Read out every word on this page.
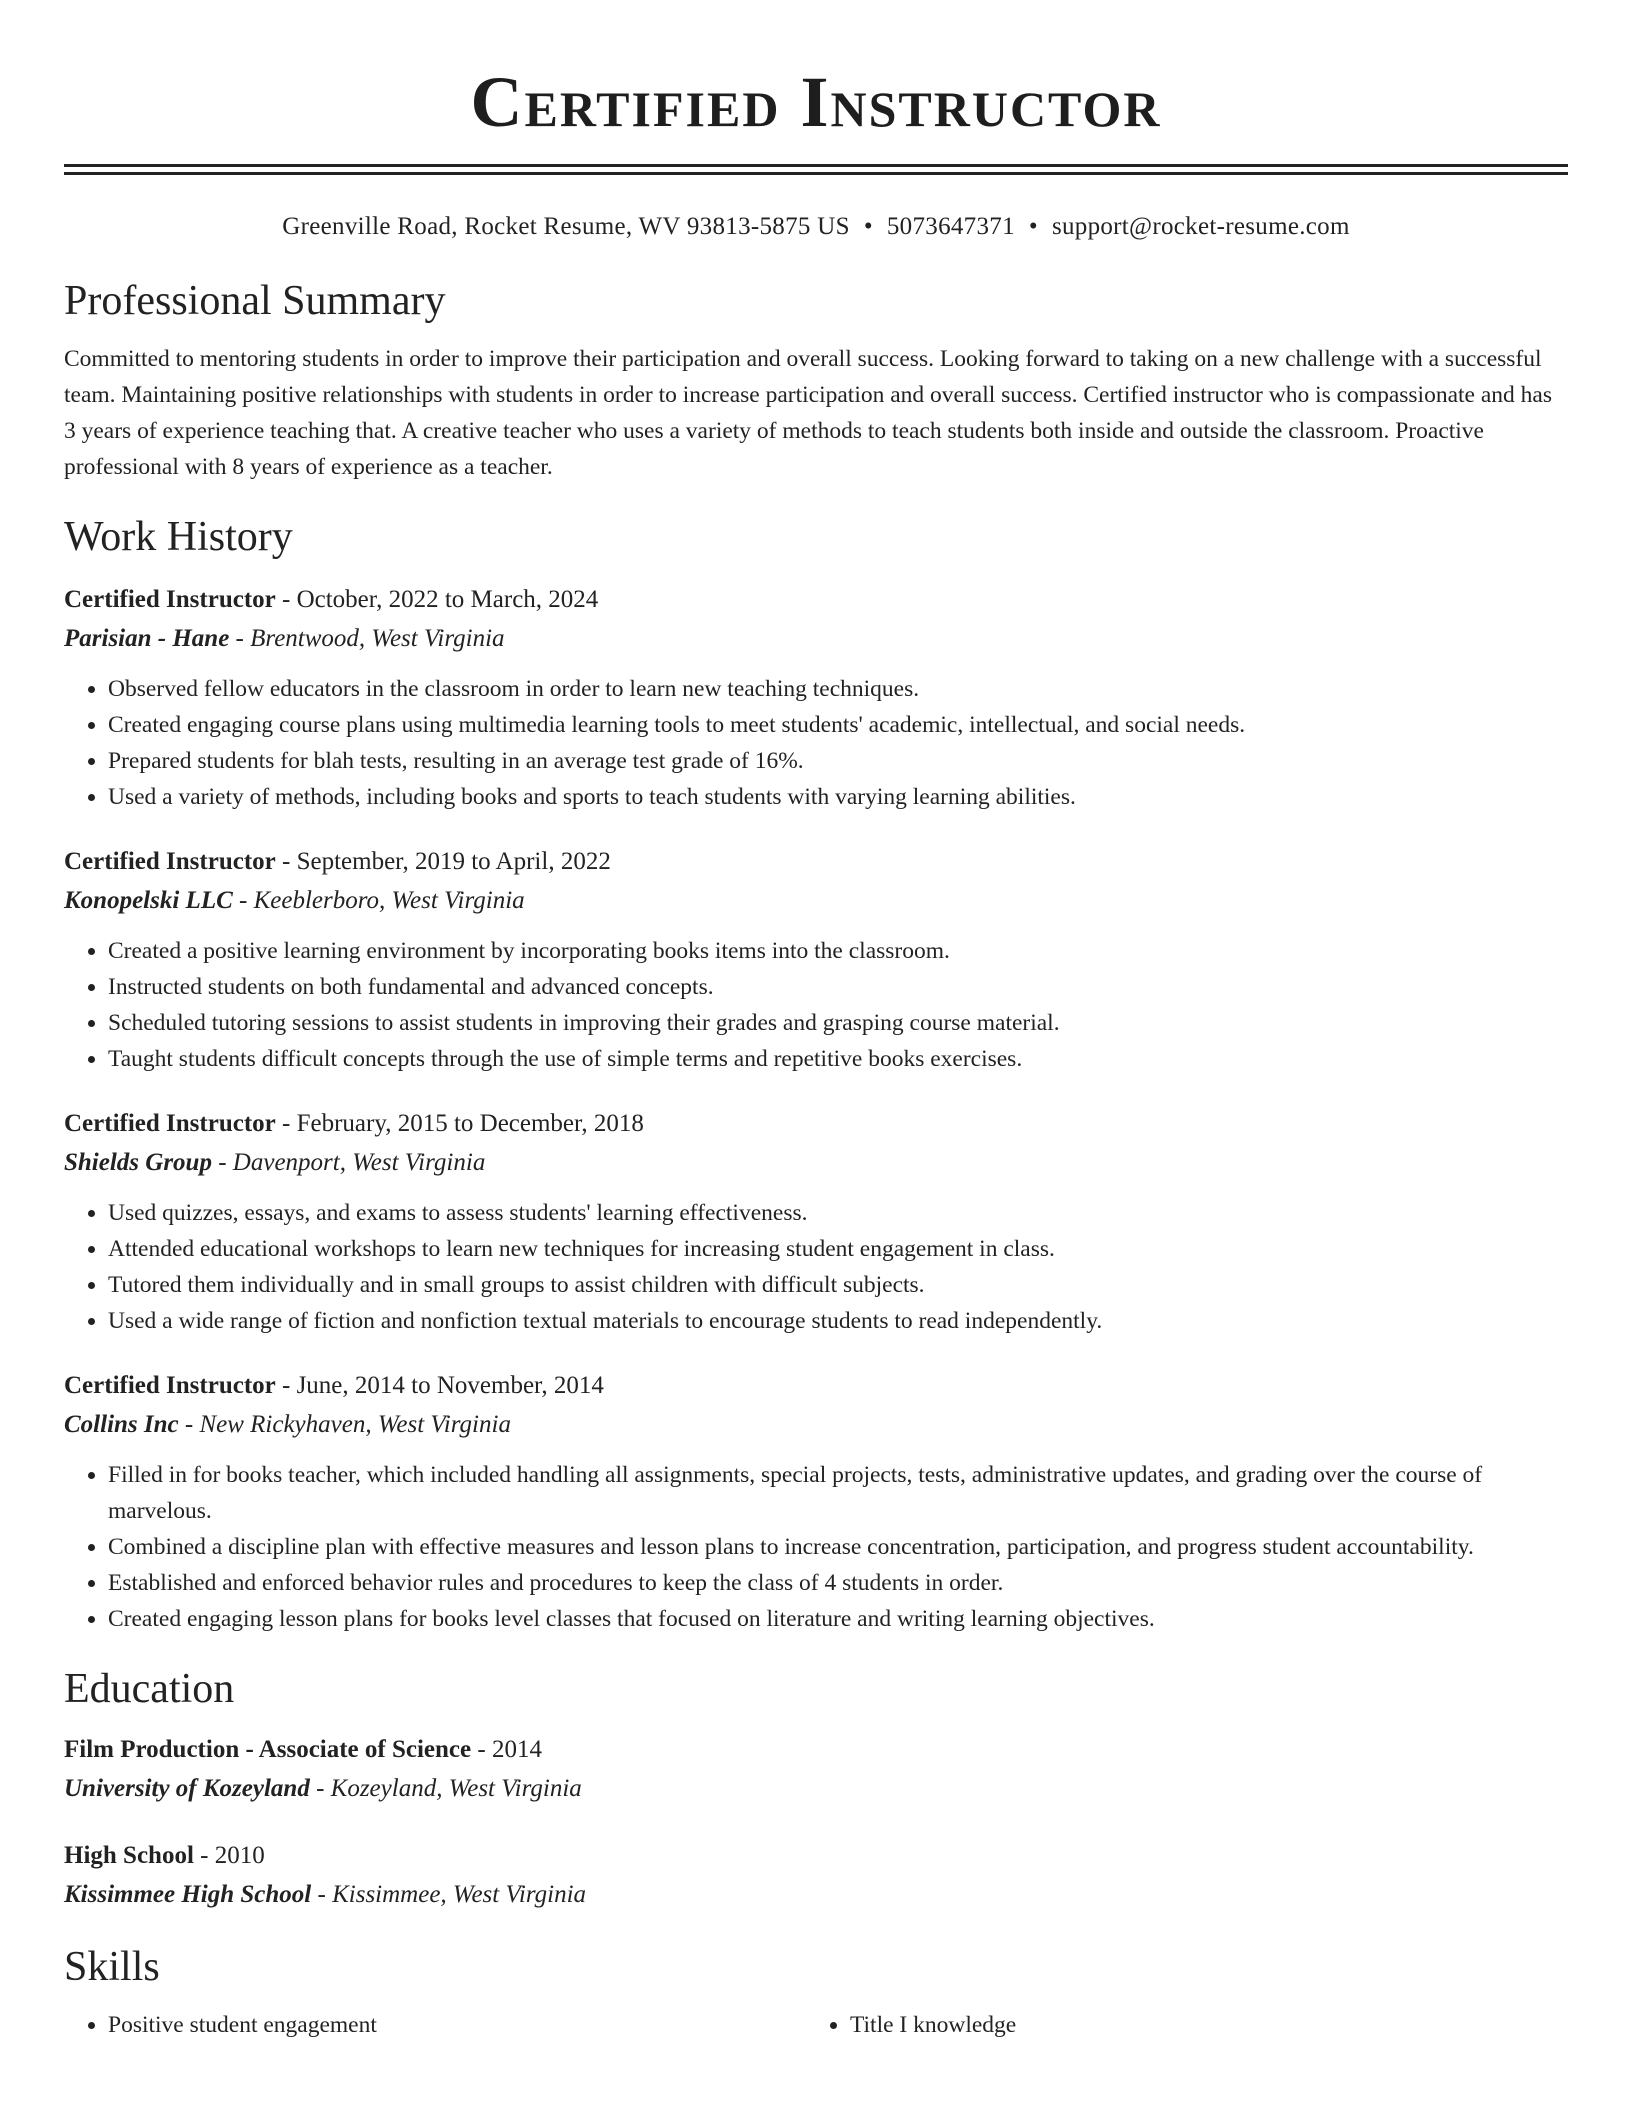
Certified Instructor
Greenville Road, Rocket Resume, WV 93813-5875 US • 5073647371 • support@rocket-resume.com
Professional Summary
Committed to mentoring students in order to improve their participation and overall success. Looking forward to taking on a new challenge with a successful team. Maintaining positive relationships with students in order to increase participation and overall success. Certified instructor who is compassionate and has 3 years of experience teaching that. A creative teacher who uses a variety of methods to teach students both inside and outside the classroom. Proactive professional with 8 years of experience as a teacher.
Work History
Certified Instructor - October, 2022 to March, 2024
Parisian - Hane - Brentwood, West Virginia
• Observed fellow educators in the classroom in order to learn new teaching techniques.
• Created engaging course plans using multimedia learning tools to meet students' academic, intellectual, and social needs.
• Prepared students for blah tests, resulting in an average test grade of 16%.
• Used a variety of methods, including books and sports to teach students with varying learning abilities.
Certified Instructor - September, 2019 to April, 2022
Konopelski LLC - Keeblerboro, West Virginia
• Created a positive learning environment by incorporating books items into the classroom.
• Instructed students on both fundamental and advanced concepts.
• Scheduled tutoring sessions to assist students in improving their grades and grasping course material.
• Taught students difficult concepts through the use of simple terms and repetitive books exercises.
Certified Instructor - February, 2015 to December, 2018
Shields Group - Davenport, West Virginia
• Used quizzes, essays, and exams to assess students' learning effectiveness.
• Attended educational workshops to learn new techniques for increasing student engagement in class.
• Tutored them individually and in small groups to assist children with difficult subjects.
• Used a wide range of fiction and nonfiction textual materials to encourage students to read independently.
Certified Instructor - June, 2014 to November, 2014
Collins Inc - New Rickyhaven, West Virginia
• Filled in for books teacher, which included handling all assignments, special projects, tests, administrative updates, and grading over the course of marvelous.
• Combined a discipline plan with effective measures and lesson plans to increase concentration, participation, and progress student accountability.
• Established and enforced behavior rules and procedures to keep the class of 4 students in order.
• Created engaging lesson plans for books level classes that focused on literature and writing learning objectives.
Education
Film Production - Associate of Science - 2014
University of Kozeyland - Kozeyland, West Virginia
High School - 2010
Kissimmee High School - Kissimmee, West Virginia
Skills
• Positive student engagement
•	Title I knowledge
